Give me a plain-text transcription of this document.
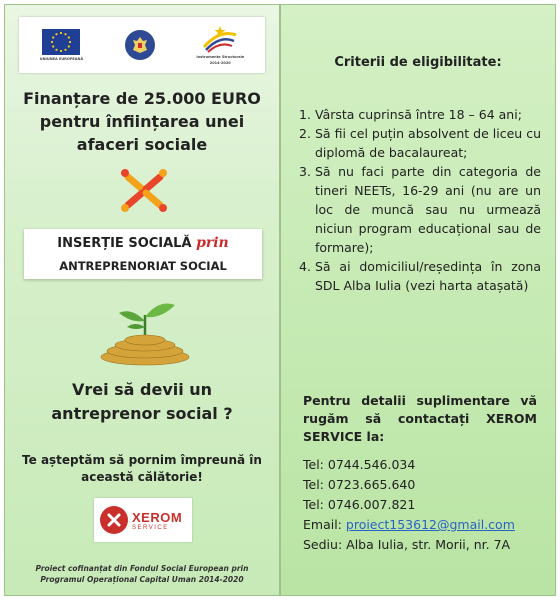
UNIUNEA EUROPEANĂ	Instrumente Structurale
2014-2020
Finanțare de 25.000 EURO
pentru înființarea unei
afaceri sociale
INSERȚIE SOCIALĂ prin
ANTREPRENORIAT SOCIAL
Vrei să devii un
antreprenor social ?
Te așteptăm să pornim împreună în
această călătorie!
XEROM
SERVICE
Proiect cofinanțat din Fondul Social European prin
Programul Operațional Capital Uman 2014-2020
Criterii de eligibilitate:
1. Vârsta cuprinsă între 18 – 64 ani;
2. Să fii cel puțin absolvent de liceu cu diplomă de bacalaureat;
3. Să nu faci parte din categoria de tineri NEETs, 16-29 ani (nu are un loc de muncă sau nu urmează niciun program educațional sau de formare);
4. Să ai domiciliul/reședința în zona SDL Alba Iulia (vezi harta atașată)
Pentru detalii suplimentare vă rugăm să contactați XEROM SERVICE la:
Tel: 0744.546.034
Tel: 0723.665.640
Tel: 0746.007.821
Email: proiect153612@gmail.com
Sediu: Alba Iulia, str. Morii, nr. 7A
